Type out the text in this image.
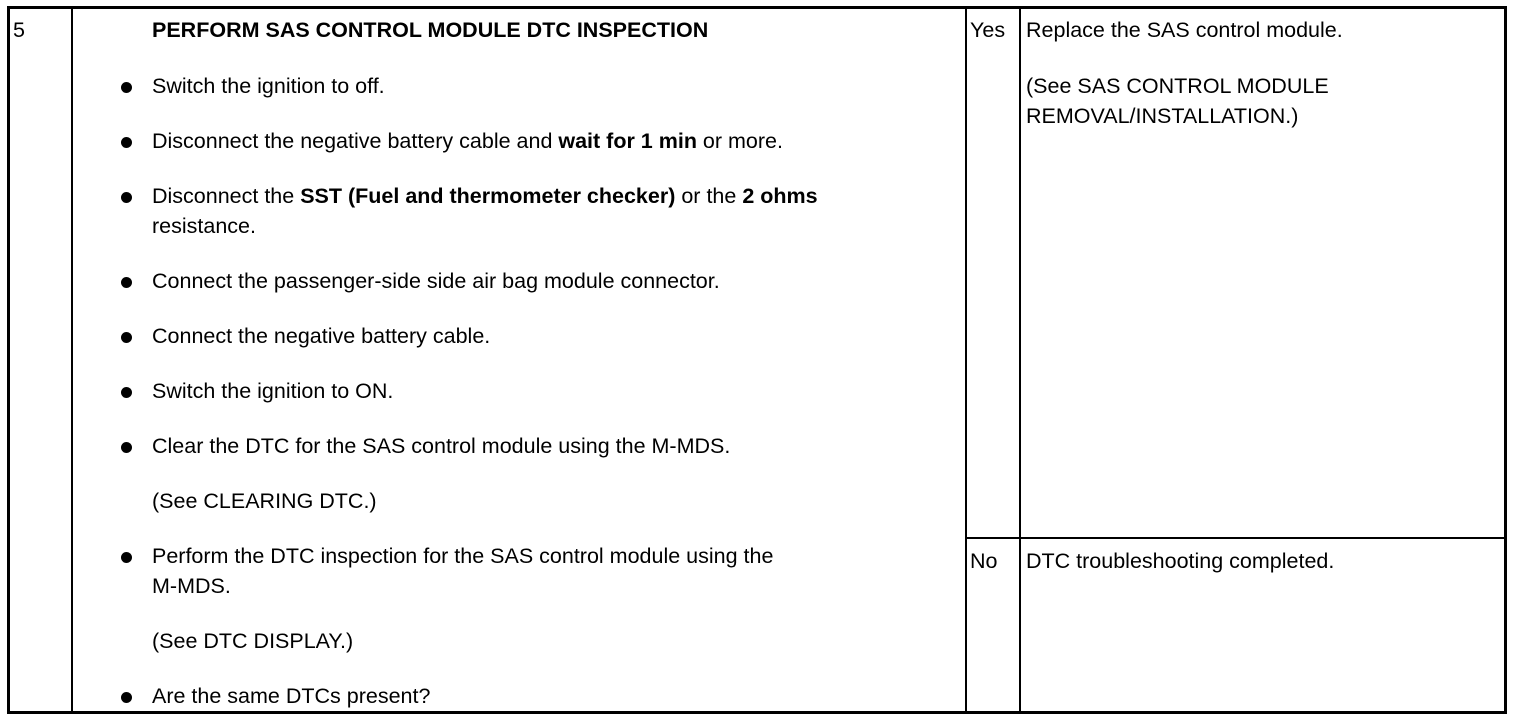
5	PERFORM SAS CONTROL MODULE DTC INSPECTION
Switch the ignition to off.
Disconnect the negative battery cable and wait for 1 min or more.
Disconnect the SST (Fuel and thermometer checker) or the 2 ohms
resistance.
Connect the passenger-side side air bag module connector.
Connect the negative battery cable.
Switch the ignition to ON.
Clear the DTC for the SAS control module using the M-MDS.
(See CLEARING DTC.)
Perform the DTC inspection for the SAS control module using the
M-MDS.
(See DTC DISPLAY.)
Are the same DTCs present?
Yes Replace the SAS control module.
(See SAS CONTROL MODULE
REMOVAL/INSTALLATION.)
No DTC troubleshooting completed.
